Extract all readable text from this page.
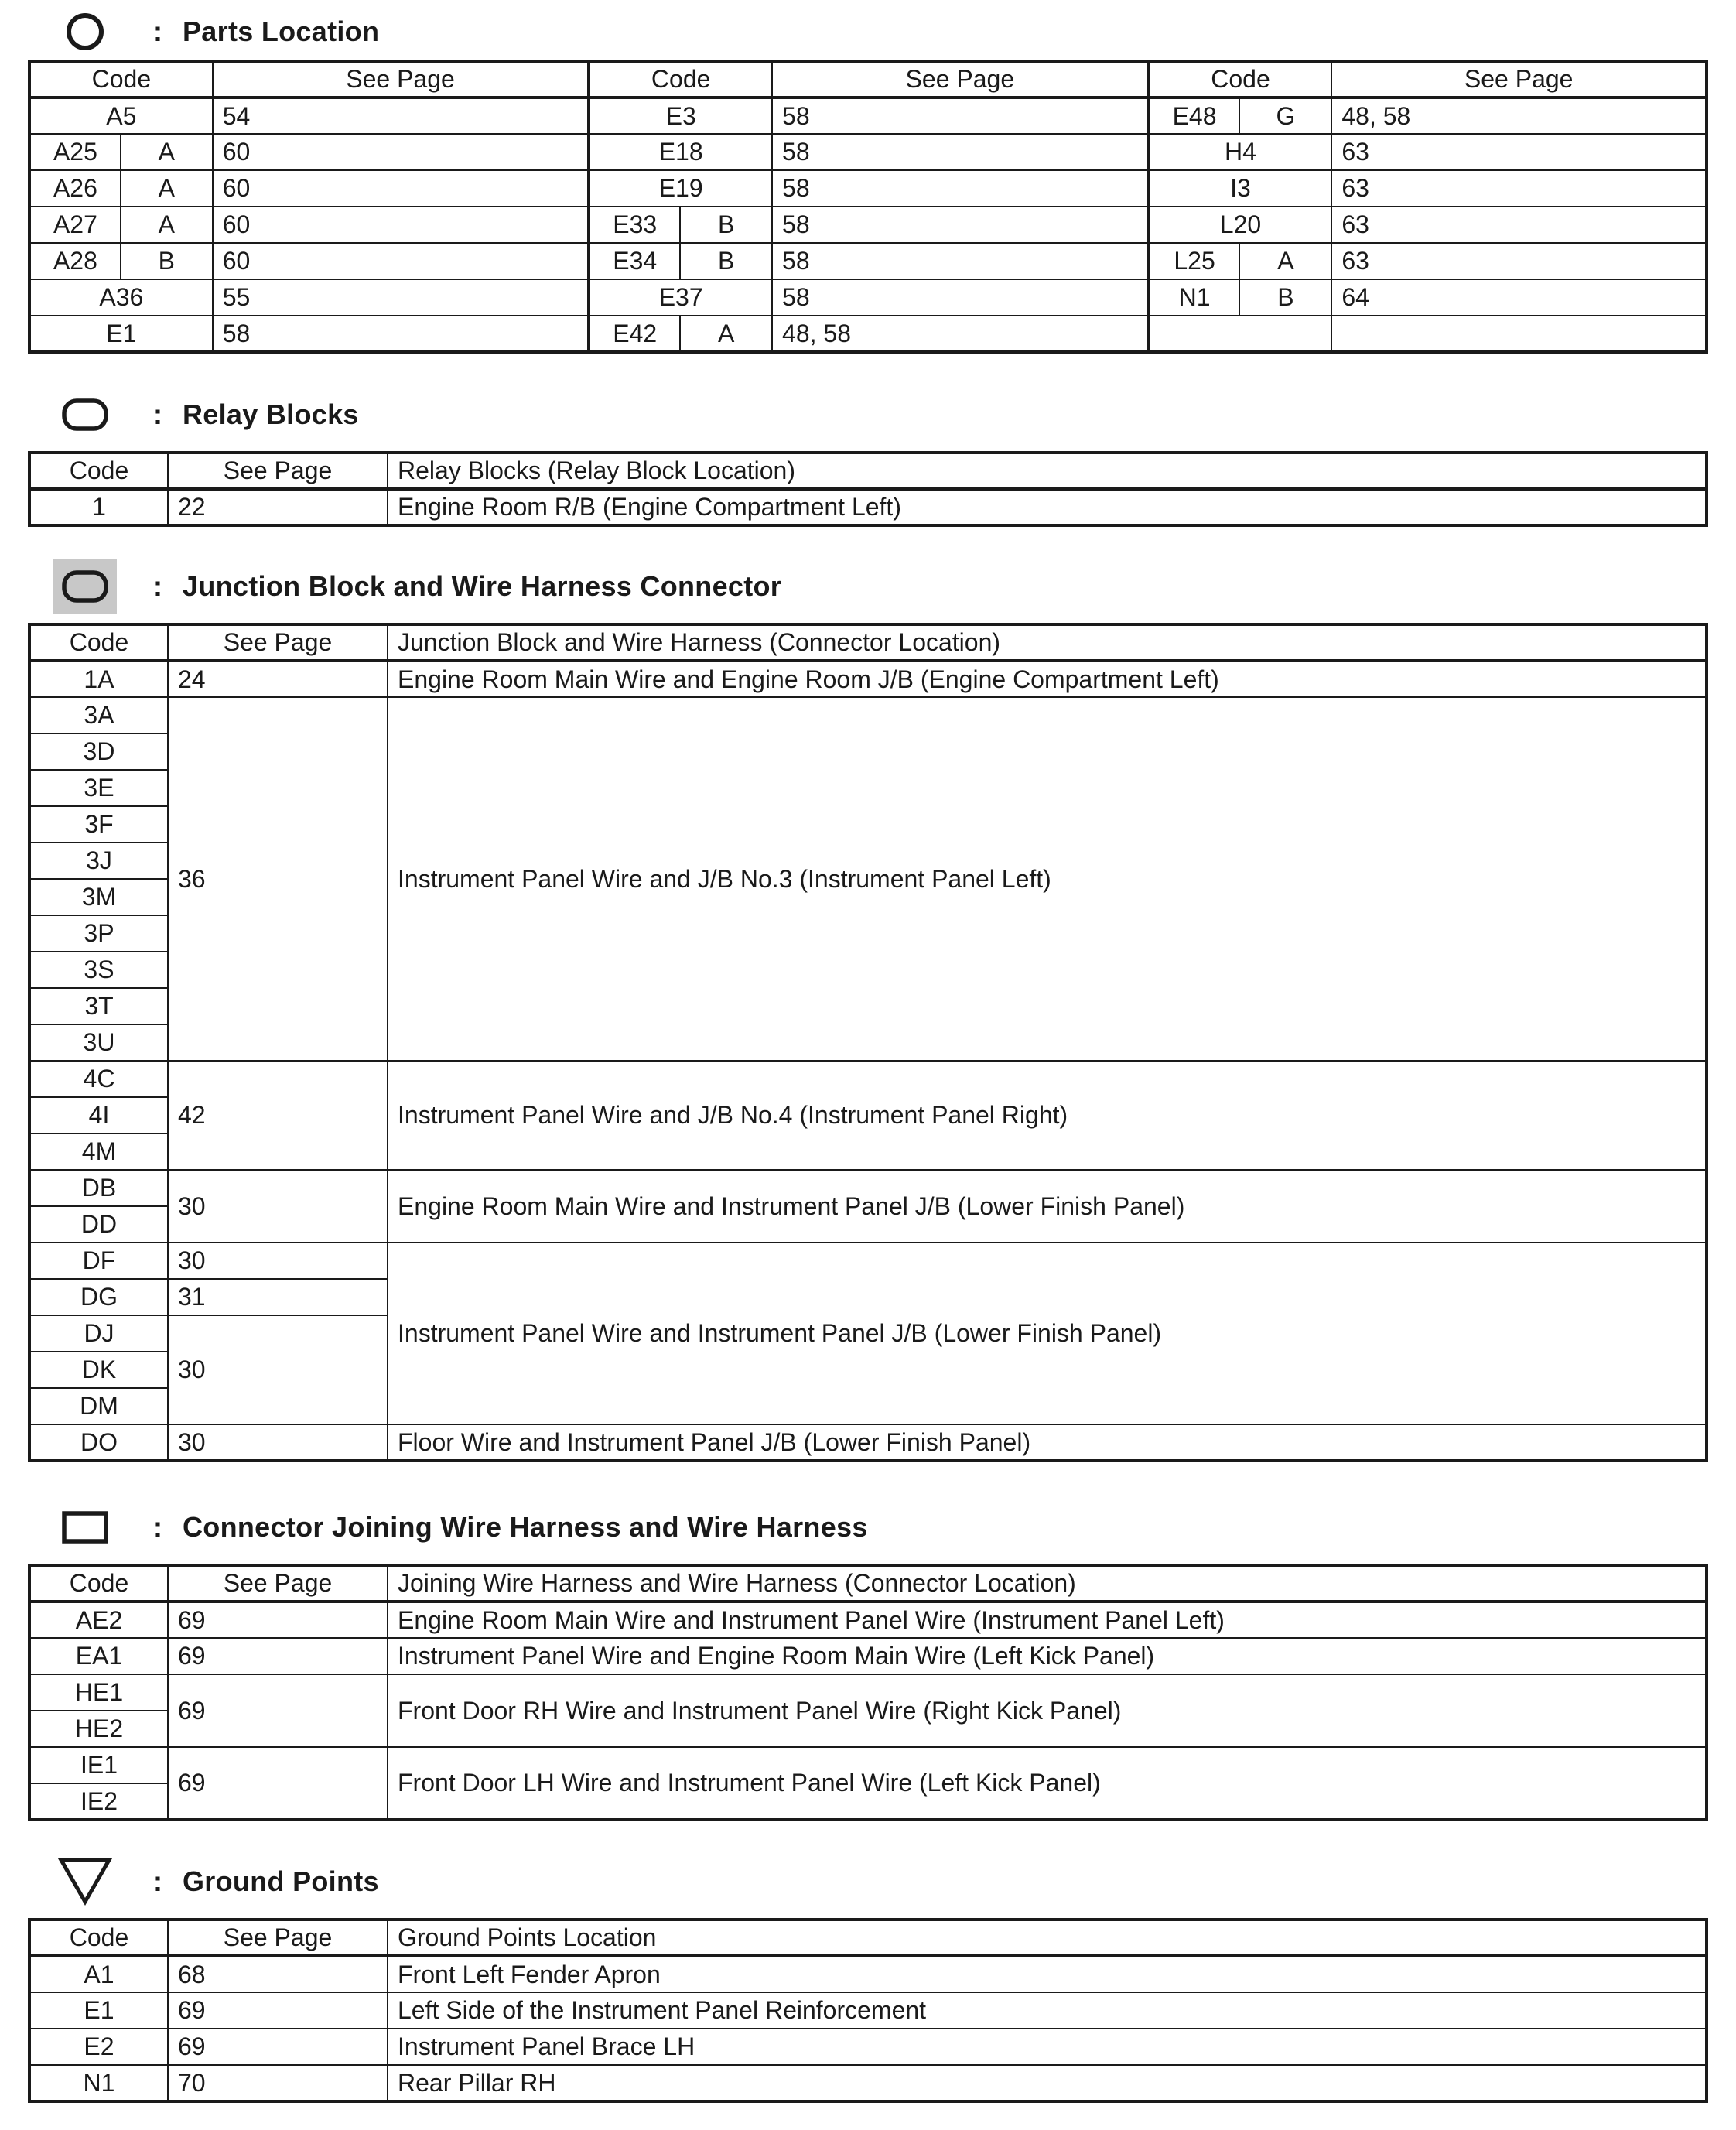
: Parts Location
Code		See Page	Code		See Page	Code		See Page
A5		54	E3		58	E48	G	48, 58
A25	A	60	E18		58	H4		63
A26	A	60	E19		58	I3		63
A27	A	60	E33	B	58	L20		63
A28	B	60	E34	B	58	L25	A	63
A36		55	E37		58	N1	B	64
E1		58	E42	A	48, 58			
: Relay Blocks
Code	See Page	Relay Blocks (Relay Block Location)
1	22	Engine Room R/B (Engine Compartment Left)
: Junction Block and Wire Harness Connector
Code	See Page	Junction Block and Wire Harness (Connector Location)
1A	24	Engine Room Main Wire and Engine Room J/B (Engine Compartment Left)
3A	36	Instrument Panel Wire and J/B No.3 (Instrument Panel Left)
3D		
3E		
3F		
3J		
3M		
3P		
3S		
3T		
3U		
4C	42	Instrument Panel Wire and J/B No.4 (Instrument Panel Right)
4I		
4M		
DB	30	Engine Room Main Wire and Instrument Panel J/B (Lower Finish Panel)
DD		
DF	30	Instrument Panel Wire and Instrument Panel J/B (Lower Finish Panel)
DG	31	
DJ	30	
DK		
DM		
DO	30	Floor Wire and Instrument Panel J/B (Lower Finish Panel)
: Connector Joining Wire Harness and Wire Harness
Code	See Page	Joining Wire Harness and Wire Harness (Connector Location)
AE2	69	Engine Room Main Wire and Instrument Panel Wire (Instrument Panel Left)
EA1	69	Instrument Panel Wire and Engine Room Main Wire (Left Kick Panel)
HE1	69	Front Door RH Wire and Instrument Panel Wire (Right Kick Panel)
HE2		
IE1	69	Front Door LH Wire and Instrument Panel Wire (Left Kick Panel)
IE2		
: Ground Points
Code	See Page	Ground Points Location
A1	68	Front Left Fender Apron
E1	69	Left Side of the Instrument Panel Reinforcement
E2	69	Instrument Panel Brace LH
N1	70	Rear Pillar RH
